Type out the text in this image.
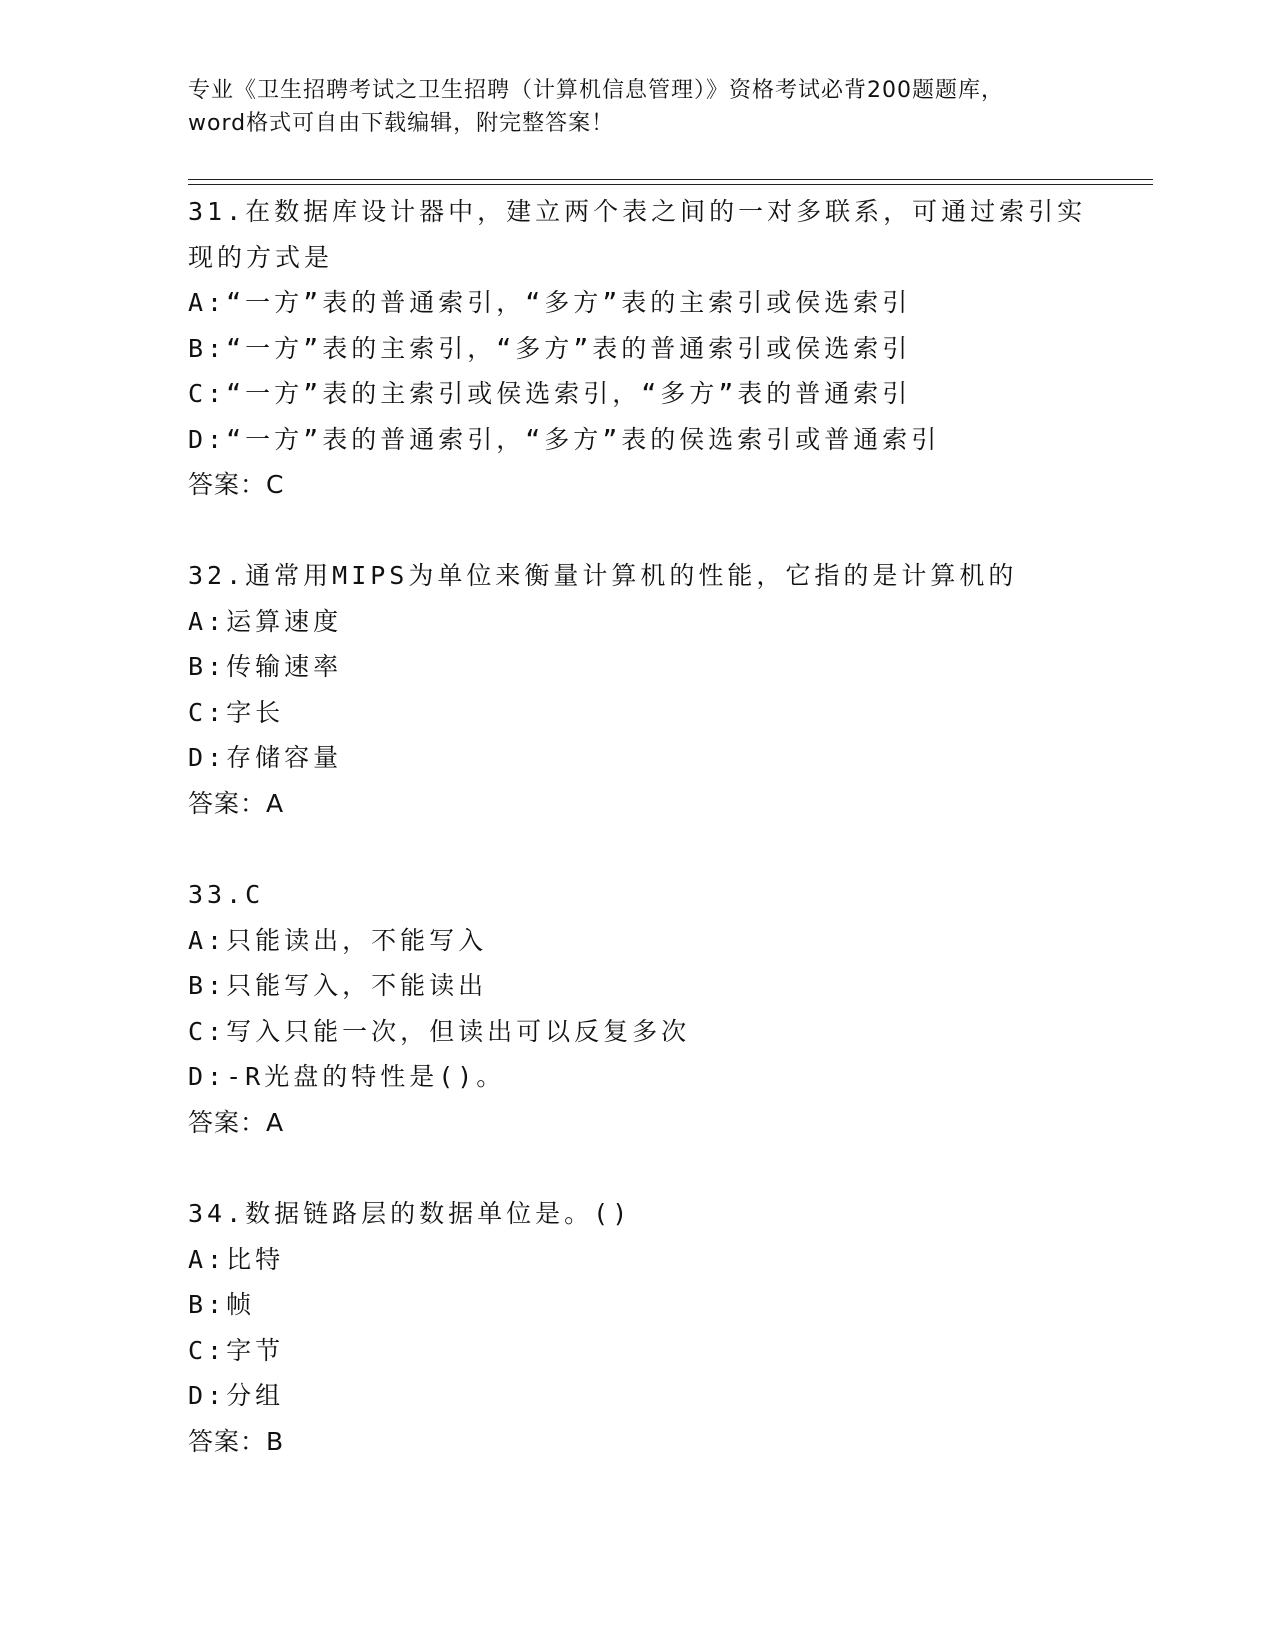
专业《卫生招聘考试之卫生招聘（计算机信息管理）》资格考试必背200题题库，
word格式可自由下载编辑，附完整答案！
31.在数据库设计器中，建立两个表之间的一对多联系，可通过索引实
现的方式是
A:“一方”表的普通索引，“多方”表的主索引或侯选索引
B:“一方”表的主索引，“多方”表的普通索引或侯选索引
C:“一方”表的主索引或侯选索引，“多方”表的普通索引
D:“一方”表的普通索引，“多方”表的侯选索引或普通索引
答案：C
32.通常用MIPS为单位来衡量计算机的性能，它指的是计算机的
A:运算速度
B:传输速率
C:字长
D:存储容量
答案：A
33.C
A:只能读出，不能写入
B:只能写入，不能读出
C:写入只能一次，但读出可以反复多次
D:-R光盘的特性是()。
答案：A
34.数据链路层的数据单位是。()
A:比特
B:帧
C:字节
D:分组
答案：B
